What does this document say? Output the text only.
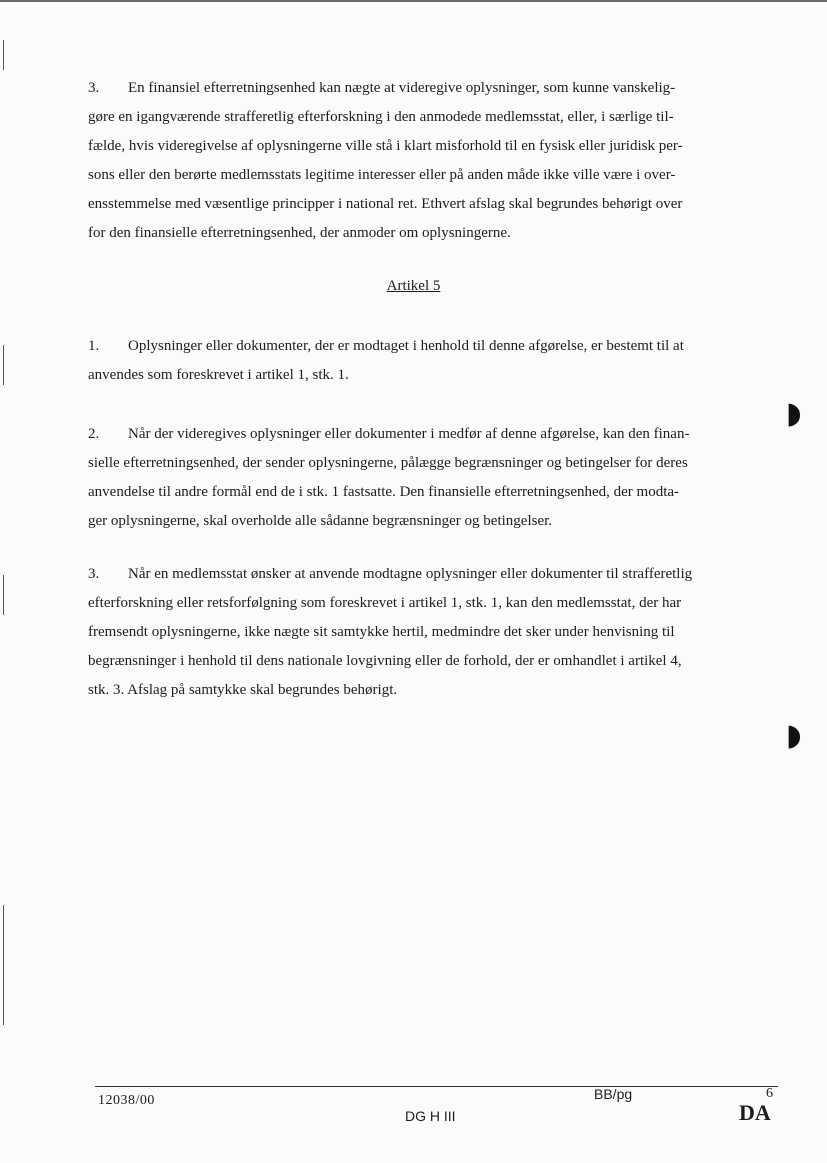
3. En finansiel efterretningsenhed kan nægte at videregive oplysninger, som kunne vanskelig-
gøre en igangværende strafferetlig efterforskning i den anmodede medlemsstat, eller, i særlige til-
fælde, hvis videregivelse af oplysningerne ville stå i klart misforhold til en fysisk eller juridisk per-
sons eller den berørte medlemsstats legitime interesser eller på anden måde ikke ville være i over-
ensstemmelse med væsentlige principper i national ret. Ethvert afslag skal begrundes behørigt over
for den finansielle efterretningsenhed, der anmoder om oplysningerne.
Artikel 5
1. Oplysninger eller dokumenter, der er modtaget i henhold til denne afgørelse, er bestemt til at
anvendes som foreskrevet i artikel 1, stk. 1.
2. Når der videregives oplysninger eller dokumenter i medfør af denne afgørelse, kan den finan-
sielle efterretningsenhed, der sender oplysningerne, pålægge begrænsninger og betingelser for deres
anvendelse til andre formål end de i stk. 1 fastsatte. Den finansielle efterretningsenhed, der modta-
ger oplysningerne, skal overholde alle sådanne begrænsninger og betingelser.
3. Når en medlemsstat ønsker at anvende modtagne oplysninger eller dokumenter til strafferetlig
efterforskning eller retsforfølgning som foreskrevet i artikel 1, stk. 1, kan den medlemsstat, der har
fremsendt oplysningerne, ikke nægte sit samtykke hertil, medmindre det sker under henvisning til
begrænsninger i henhold til dens nationale lovgivning eller de forhold, der er omhandlet i artikel 4,
stk. 3. Afslag på samtykke skal begrundes behørigt.
◗
◗
12038/00	BB/pg	6
DG H III	DA
